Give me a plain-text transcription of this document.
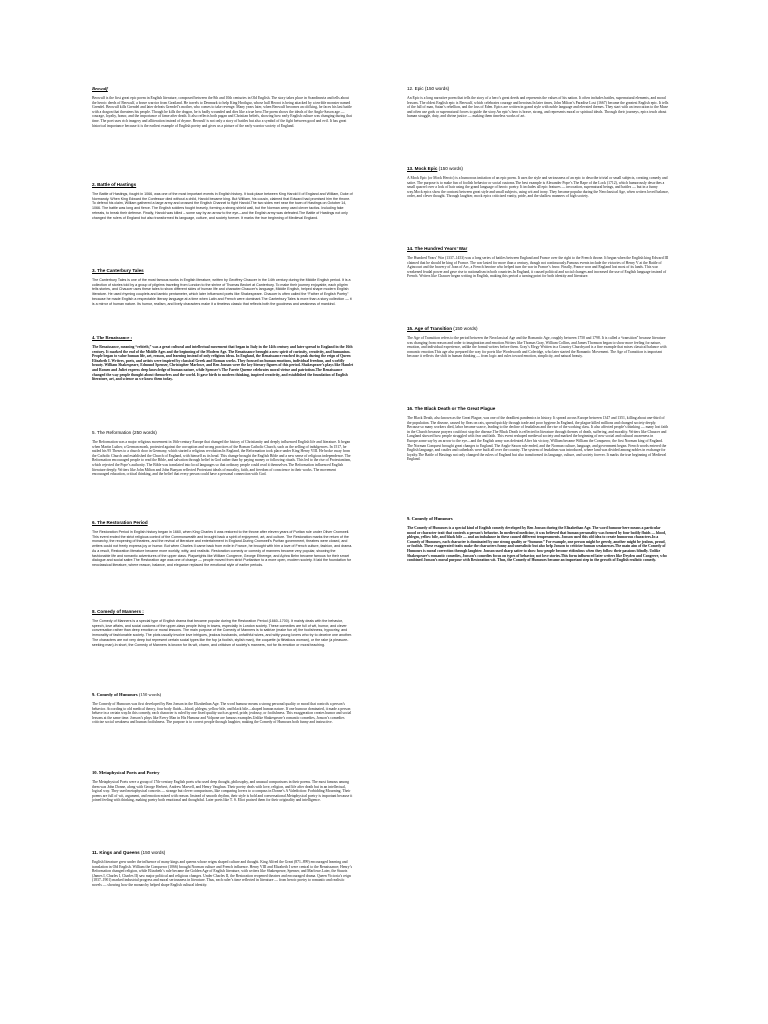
Beowulf

Beowulf is the first great epic poem in English literature, composed between the 8th and 10th centuries in Old English. The story takes place in Scandinavia and tells about the heroic deeds of Beowulf, a brave warrior from Geatland. He travels to Denmark to help King Hrothgar, whose hall Heorot is being attacked by a terrible monster named Grendel. Beowulf kills Grendel and later defeats Grendel’s mother, who comes to take revenge. Many years later, when Beowulf becomes an old king, he faces his last battle with a dragon that threatens his people. Though he kills the dragon, he is badly wounded and dies like a true hero.The poem shows the ideals of the Anglo-Saxon age — courage, loyalty, honor, and the importance of fame after death. It also reflects both pagan and Christian beliefs, showing how early English culture was changing during that time. The poet uses rich imagery and alliteration instead of rhyme. Beowulf is not only a story of battles but also a symbol of the fight between good and evil. It has great historical importance because it is the earliest example of English poetry and gives us a picture of the early warrior society of England.

2. Battle of Hastings

The Battle of Hastings, fought in 1066, was one of the most important events in English history. It took place between King Harold II of England and William, Duke of Normandy. When King Edward the Confessor died without a child, Harold became king. But William, his cousin, claimed that Edward had promised him the throne. To defend his claim, William gathered a large army and crossed the English Channel to fight Harold.The two sides met near the town of Hastings on October 14, 1066. The battle was long and fierce. The English soldiers fought bravely, forming a strong shield wall, but the Norman army used clever tactics. Including fake retreats, to break their defense. Finally, Harold was killed – some say by an arrow to the eye—and the English army was defeated.The Battle of Hastings not only changed the rulers of England but also transformed its language, culture, and society forever. It marks the true beginning of Medieval England.

3. The Canterbury Tales

The Canterbury Tales is one of the most famous works in English literature, written by Geoffrey Chaucer in the 14th century during the Middle English period. It is a collection of stories told by a group of pilgrims traveling from London to the shrine of Thomas Becket at Canterbury. To make their journey enjoyable, each pilgrim tells stories, and Chaucer uses these tales to show different sides of human life and character.Chaucer’s language, Middle English, helped shape modern English literature. He used rhyming couplets and iambic pentameter, which later influenced poets like Shakespeare. Chaucer is often called the “Father of English Poetry” because he made English a respectable literary language at a time when Latin and French were dominant.The Canterbury Tales is more than a story collection — it is a mirror of human nature. Its humor, realism, and lively characters make it a timeless classic that reflects both the goodness and weakness of mankind.

4. The Renaissance :

The Renaissance, meaning “rebirth,” was a great cultural and intellectual movement that began in Italy in the 14th century and later spread to England in the 16th century. It marked the end of the Middle Ages and the beginning of the Modern Age. The Renaissance brought a new spirit of curiosity, creativity, and humanism. People began to value human life, art, reason, and learning instead of only religious ideas. In England, the Renaissance reached its peak during the reign of Queen Elizabeth I. Writers, poets, and artists were inspired by classical Greek and Roman works. They focused on human emotions, individual freedom, and worldly beauty. William Shakespeare, Edmund Spenser, Christopher Marlowe, and Ben Jonson were the key literary figures of this period. Shakespeare’s plays like Hamlet and Romeo and Juliet express deep knowledge of human nature, while Spenser’s The Faerie Queene celebrates moral virtue and patriotism.The Renaissance changed the way people thought about themselves and the world. It gave birth to modern thinking, inspired creativity, and established the foundation of English literature, art, and science as we know them today.

5. The Reformation (250 words)

The Reformation was a major religious movement in 16th-century Europe that changed the history of Christianity and deeply influenced English life and literature. It began when Martin Luther, a German monk, protested against the corruption and wrong practices of the Roman Catholic Church, such as the selling of indulgences. In 1517, he nailed his 95 Theses to a church door in Germany, which started a religious revolution.In England, the Reformation took place under King Henry VIII. He broke away from the Catholic Church and established the Church of England, with himself as its head. This change brought the English Bible and a new sense of religious independence. The Reformation encouraged people to read the Bible, and salvation through belief in God rather than by paying money or following rituals. This led to the rise of Protestantism, which rejected the Pope’s authority. The Bible was translated into local languages so that ordinary people could read it themselves.The Reformation influenced English literature deeply. Writers like John Milton and John Bunyan reflected Protestant ideals of morality, faith, and freedom of conscience in their works. The movement encouraged education, critical thinking, and the belief that every person could have a personal connection with God.

6. The Restoration Period

The Restoration Period in English history began in 1660, when King Charles II was restored to the throne after eleven years of Puritan rule under Oliver Cromwell. This event ended the strict religious control of the Commonwealth and brought back a spirit of enjoyment, art, and culture. The Restoration marks the return of the monarchy, the reopening of theatres, and the revival of literature and entertainment in England.During Cromwell’s Puritan government, theatres were closed, and writers could not freely express joy or humor. But when Charles II came back from exile in France, he brought with him a love of French culture, fashion, and drama. As a result, Restoration literature became more worldly, witty, and realistic. Restoration comedy or comedy of manners became very popular, showing the fashionable life and romantic adventures of the upper class. Playwrights like William Congreve, George Etherege, and Aphra Behn became famous for their smart dialogue and social satire.The Restoration age was one of change — people moved from strict Puritanism to a more open, modern society. It laid the foundation for neoclassical literature, where reason, balance, and elegance replaced the emotional style of earlier periods.

8. Comedy of Manners :

The Comedy of Manners is a special type of English drama that became popular during the Restoration Period (1660–1700). It mainly deals with the behavior, speech, love affairs, and social customs of the upper-class people living in towns, especially in London society. These comedies are full of wit, humor, and clever conversation rather than deep emotion or moral lessons. The main purpose of the Comedy of Manners is to satirize (make fun of) the foolishness, hypocrisy, and immorality of fashionable society. The plots usually involve love intrigues, jealous husbands, unfaithful wives, and witty young lovers who try to deceive one another. The characters are not very deep but represent certain social types like the fop (a foolish, stylish man), the coquette (a flirtatious woman), or the rake (a pleasure-seeking man).In short, the Comedy of Manners is known for its wit, charm, and criticism of society’s manners, not for its emotion or moral teaching.

9. Comedy of Humours (150 words)

The Comedy of Humours was first developed by Ben Jonson in the Elizabethan Age. The word humour means a strong personal quality or mood that controls a person’s behavior. According to old medical theory, four body fluids—blood, phlegm, yellow bile, and black bile—shaped human nature. If one humour dominated, it made a person behave in a certain way.In this comedy, each character is ruled by one fixed quality such as greed, pride, jealousy, or foolishness. This exaggeration creates humor and social lessons at the same time. Jonson’s plays like Every Man in His Humour and Volpone are famous examples.Unlike Shakespeare’s romantic comedies, Jonson’s comedies criticize social weakness and human foolishness. The purpose is to correct people through laughter, making the Comedy of Humours both funny and instructive.

10. Metaphysical Poets and Poetry

The Metaphysical Poets were a group of 17th-century English poets who used deep thought, philosophy, and unusual comparisons in their poems. The most famous among them was John Donne, along with George Herbert, Andrew Marvell, and Henry Vaughan. Their poetry deals with love, religion, and life after death but in an intellectual, logical way. They used metaphysical conceits — strange but clever comparisons, like comparing lovers to a compass in Donne’s A Valediction: Forbidding Mourning. Their poems are full of wit, argument, and emotion mixed with reason. Instead of smooth rhythm, their style is bold and conversational.Metaphysical poetry is important because it joined feeling with thinking, making poetry both emotional and thoughtful. Later poets like T. S. Eliot praised them for their originality and intelligence.

11. Kings and Queens (150 words)

English literature grew under the influence of many kings and queens whose reigns shaped culture and thought. King Alfred the Great (871–899) encouraged learning and translation in Old English. William the Conqueror (1066) brought Norman culture and French influence. Henry VIII and Elizabeth I were central to the Renaissance; Henry’s Reformation changed religion, while Elizabeth’s rule became the Golden Age of English literature, with writers like Shakespeare, Spenser, and Marlowe.Later, the Stuarts (James I, Charles I, Charles II) saw major political and religious changes. Under Charles II, the Restoration reopened theatres and encouraged drama. Queen Victoria’s reign (1837–1901) marked industrial progress and moral seriousness in literature. Thus, each ruler’s time reflected in literature — from heroic poetry to romantic and realistic novels — showing how the monarchy helped shape English cultural identity.

12. Epic (150 words)

An Epic is a long narrative poem that tells the story of a hero’s great deeds and represents the values of his nation. It often includes battles, supernatural elements, and moral lessons. The oldest English epic is Beowulf, which celebrates courage and heroism.In later times, John Milton’s Paradise Lost (1667) became the greatest English epic. It tells of the fall of man, Satan’s rebellion, and the loss of Eden. Epics are written in grand style with noble language and elevated themes. They start with an invocation to the Muse and often use gods or supernatural forces to guide the story.An epic’s hero is brave, strong, and represents moral or spiritual ideals. Through their journeys, epics teach about human struggle, duty, and divine justice — making them timeless works of art.

13. Mock Epic (150 words)

A Mock Epic (or Mock Heroic) is a humorous imitation of an epic poem. It uses the style and seriousness of an epic to describe trivial or small subjects, creating comedy and satire. The purpose is to make fun of foolish behavior or social customs.The best example is Alexander Pope’s The Rape of the Lock (1712), which humorously describes a small quarrel over a lock of hair using the grand language of heroic poetry. It includes all epic features — invocation, supernatural beings, and battles — but in a funny way.Mock epics show the contrast between great style and small subjects, using wit and irony. They became popular during the Neoclassical Age, when writers loved balance, order, and clever thought. Through laughter, mock epics criticized vanity, pride, and the shallow manners of high society.

14. The Hundred Years’ War

The Hundred Years’ War (1337–1453) was a long series of battles between England and France over the right to the French throne. It began when the English king Edward III claimed that he should be king of France. The war lasted for more than a century, though not continuously.Famous events include the victories of Henry V at the Battle of Agincourt and the bravery of Joan of Arc, a French heroine who helped turn the war in France’s favor. Finally, France won and England lost most of its lands. This war weakened feudal power and gave rise to nationalism in both countries.In England, it caused political and social changes and increased the use of English language instead of French. Writers like Chaucer began writing in English, making this period a turning point for both identity and literature.

15. Age of Transition (150 words)

The Age of Transition refers to the period between the Neoclassical Age and the Romantic Age, roughly between 1750 and 1798. It is called a “transition” because literature was changing from reason and order to imagination and emotion.Writers like Thomas Gray, William Collins, and James Thomson began to show more feeling for nature, emotion, and individual experience, unlike the formal writers before them. Gray’s Elegy Written in a Country Churchyard is a fine example that mixes classical balance with romantic emotion.This age also prepared the way for poets like Wordsworth and Coleridge, who later started the Romantic Movement. The Age of Transition is important because it reflects the shift in human thinking — from logic and rules toward emotion, simplicity, and natural beauty.

16. The Black Death or The Great Plague

The Black Death, also known as the Great Plague, was one of the deadliest pandemics in history. It spread across Europe between 1347 and 1351, killing about one-third of the population. The disease, caused by fleas on rats, spread quickly through trade and poor hygiene.In England, the plague killed millions and changed society deeply. Because so many workers died, labor became scarce, leading to the decline of feudalism and the rise of the working class. It also affected people’s thinking — many lost faith in the Church because prayers could not stop the disease.The Black Death is reflected in literature through themes of death, suffering, and morality. Writers like Chaucer and Langland showed how people struggled with fear and faith. This event reshaped medieval society and marked the beginning of new social and cultural awareness in Europe.some say by an arrow to the eye—and the English army was defeated.After his victory, William became William the Conqueror, the first Norman king of England. The Norman Conquest brought great changes to England. The Anglo-Saxon rule ended, and the Norman culture, language, and government began. French words entered the English language, and castles and cathedrals were built all over the country. The system of feudalism was introduced, where land was divided among nobles in exchange for loyalty.The Battle of Hastings not only changed the rulers of England but also transformed its language, culture, and society forever. It marks the true beginning of Medieval England.

9. Comedy of Humours

The Comedy of Humours is a special kind of English comedy developed by Ben Jonson during the Elizabethan Age. The word humour here means a particular mood or character trait that controls a person’s behavior. In medieval medicine, it was believed that human personality was formed by four bodily fluids — blood, phlegm, yellow bile, and black bile — and an imbalance in these caused different temperaments. Jonson used this old idea to create humorous characters.In a Comedy of Humours, each character is dominated by one strong quality or “humour.” For example, one person might be greedy, another might be jealous, proud, or foolish. These exaggerated traits make the characters funny and unrealistic but also help Jonson to criticize human weaknesses.The main aim of the Comedy of Humours is moral correction through laughter. Jonson used sharp satire to show how people become ridiculous when they follow their passions blindly. Unlike Shakespeare’s romantic comedies, Jonson’s comedies focus on types of behavior, not love stories.This form influenced later writers like Dryden and Congreve, who combined Jonson’s moral purpose with Restoration wit. Thus, the Comedy of Humours became an important step in the growth of English realistic comedy.
